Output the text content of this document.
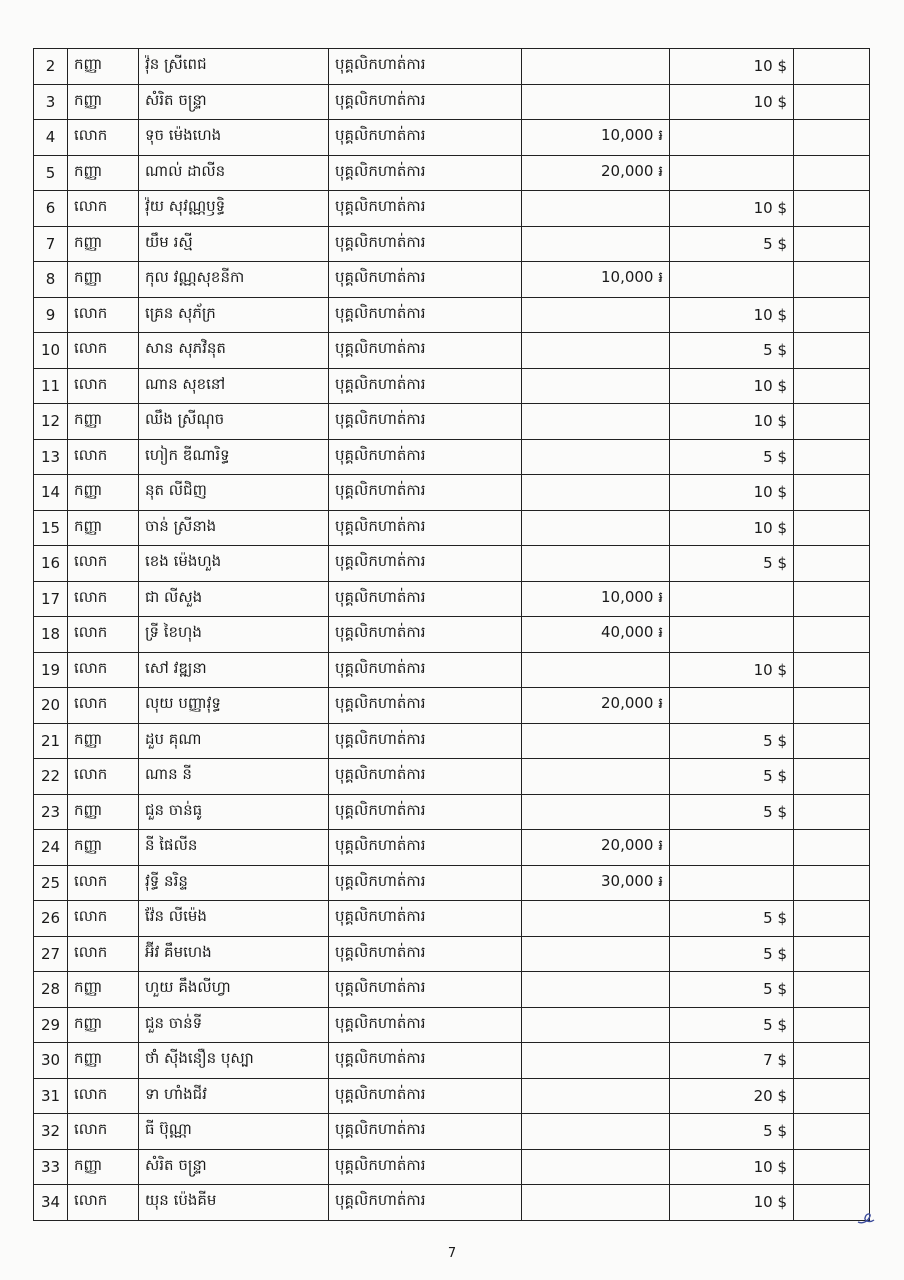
2	កញ្ញា	វ៉ុន ស្រីពេជ	បុគ្គលិកហាត់ការ		10 $	
3	កញ្ញា	សំរិត ចន្ទ្រា	បុគ្គលិកហាត់ការ		10 $	
4	លោក	ទុច ម៉េងហេង	បុគ្គលិកហាត់ការ	10,000 ៛		
5	កញ្ញា	ណាល់ ដាលីន	បុគ្គលិកហាត់ការ	20,000 ៛		
6	លោក	វ៉ុយ សុវណ្ណឫទ្ធិ	បុគ្គលិកហាត់ការ		10 $	
7	កញ្ញា	យឹម រស្មី	បុគ្គលិកហាត់ការ		5 $	
8	កញ្ញា	កុល វណ្ណសុខនីកា	បុគ្គលិកហាត់ការ	10,000 ៛		
9	លោក	គ្រេន សុភ័ក្រ	បុគ្គលិកហាត់ការ		10 $	
10	លោក	សាន សុភវិនុត	បុគ្គលិកហាត់ការ		5 $	
11	លោក	ណាន សុខនៅ	បុគ្គលិកហាត់ការ		10 $	
12	កញ្ញា	ឈឹង ស្រីណុច	បុគ្គលិកហាត់ការ		10 $	
13	លោក	ហៀក ឌីណារិទ្ធ	បុគ្គលិកហាត់ការ		5 $	
14	កញ្ញា	នុត លីជិញ	បុគ្គលិកហាត់ការ		10 $	
15	កញ្ញា	ចាន់ ស្រីនាង	បុគ្គលិកហាត់ការ		10 $	
16	លោក	ខេង ម៉េងហួង	បុគ្គលិកហាត់ការ		5 $	
17	លោក	ជា លីសួង	បុគ្គលិកហាត់ការ	10,000 ៛		
18	លោក	ទ្រី ខៃហុង	បុគ្គលិកហាត់ការ	40,000 ៛		
19	លោក	សៅ វឌ្ឍនា	បុគ្គលិកហាត់ការ		10 $	
20	លោក	លុយ បញ្ញាវុទ្ធ	បុគ្គលិកហាត់ការ	20,000 ៛		
21	កញ្ញា	ដួប គុណា	បុគ្គលិកហាត់ការ		5 $	
22	លោក	ណាន នី	បុគ្គលិកហាត់ការ		5 $	
23	កញ្ញា	ជួន ចាន់ធូ	បុគ្គលិកហាត់ការ		5 $	
24	កញ្ញា	នី ផៃលីន	បុគ្គលិកហាត់ការ	20,000 ៛		
25	លោក	វុទ្ធី នរិន្ទ	បុគ្គលិកហាត់ការ	30,000 ៛		
26	លោក	វ៉ែន លីម៉េង	បុគ្គលិកហាត់ការ		5 $	
27	លោក	អ៊ីវ គឹមហេង	បុគ្គលិកហាត់ការ		5 $	
28	កញ្ញា	ហួយ គឹងលីហ្វា	បុគ្គលិកហាត់ការ		5 $	
29	កញ្ញា	ជួន ចាន់ទី	បុគ្គលិកហាត់ការ		5 $	
30	កញ្ញា	ថាំ ស៊ីងនឿន បុស្បា	បុគ្គលិកហាត់ការ		7 $	
31	លោក	ទា ហាំងជីវ	បុគ្គលិកហាត់ការ		20 $	
32	លោក	ធី ប៊ុណ្ណា	បុគ្គលិកហាត់ការ		5 $	
33	កញ្ញា	សំរិត ចន្ទ្រា	បុគ្គលិកហាត់ការ		10 $	
34	លោក	យុន ប៉េងគីម	បុគ្គលិកហាត់ការ		10 $	
7
